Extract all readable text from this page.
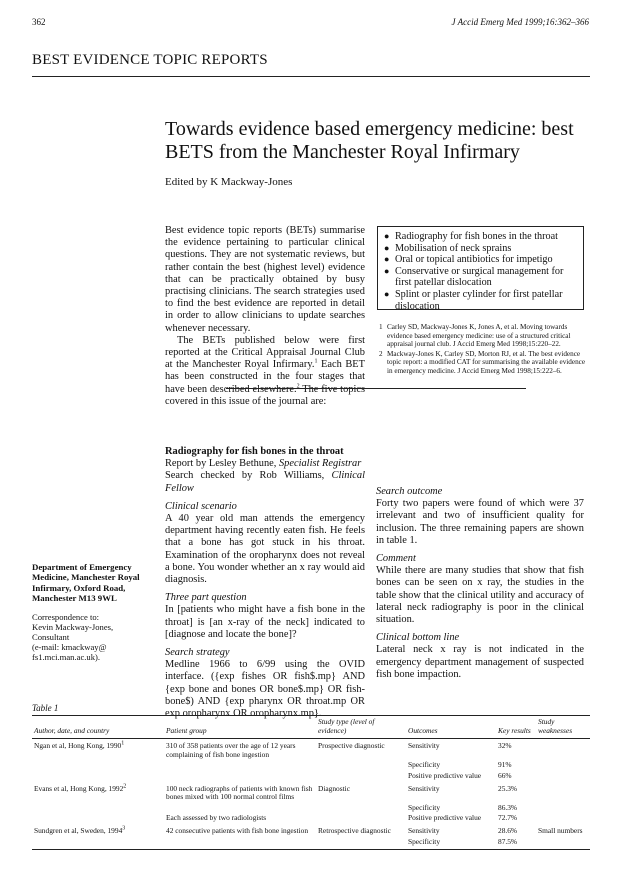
362	J Accid Emerg Med 1999;16:362–366
BEST EVIDENCE TOPIC REPORTS
Towards evidence based emergency medicine: best BETS from the Manchester Royal Infirmary
Edited by K Mackway-Jones

Best evidence topic reports (BETs) summarise the evidence pertaining to particular clinical questions. They are not systematic reviews, but rather contain the best (highest level) evidence that can be practically obtained by busy practising clinicians. The search strategies used to find the best evidence are reported in detail in order to allow clinicians to update searches whenever necessary.

The BETs published below were first reported at the Critical Appraisal Journal Club at the Manchester Royal Infirmary.$^1$ Each BET has been constructed in the four stages that have been described elsewhere.$^2$ The five topics covered in this issue of the journal are:

● Radiography for fish bones in the throat
● Mobilisation of neck sprains
● Oral or topical antibiotics for impetigo
● Conservative or surgical management for first patellar dislocation
● Splint or plaster cylinder for first patellar dislocation
1 Carley SD, Mackway-Jones K, Jones A, et al. Moving towards evidence based emergency medicine: use of a structured critical appraisal journal club. J Accid Emerg Med 1998;15:220–22.
2 Mackway-Jones K, Carley SD, Morton RJ, et al. The best evidence topic report: a modified CAT for summarising the available evidence in emergency medicine. J Accid Emerg Med 1998;15:222–6.
Department of Emergency Medicine, Manchester Royal Infirmary, Oxford Road, Manchester M13 9WL
Correspondence to:
Kevin Mackway-Jones, Consultant
(e-mail: kmackway@ fs1.mci.man.ac.uk).

Radiography for fish bones in the throat

Report by Lesley Bethune, Specialist Registrar

Search checked by Rob Williams, Clinical Fellow

Clinical scenario

A 40 year old man attends the emergency department having recently eaten fish. He feels that a bone has got stuck in his throat. Examination of the oropharynx does not reveal a bone. You wonder whether an x ray would aid diagnosis.

Three part question

In [patients who might have a fish bone in the throat] is [an x-ray of the neck] indicated to [diagnose and locate the bone]?

Search strategy

Medline 1966 to 6/99 using the OVID interface. ({exp fishes OR fish$.mp} AND {exp bone and bones OR bone$.mp} OR fish-bone$) AND {exp pharynx OR throat.mp OR exp oropharynx OR oropharynx.mp}.

Search outcome

Forty two papers were found of which were 37 irrelevant and two of insufficient quality for inclusion. The three remaining papers are shown in table 1.

Comment

While there are many studies that show that fish bones can be seen on x ray, the studies in the table show that the clinical utility and accuracy of lateral neck radiography is poor in the clinical situation.

Clinical bottom line

Lateral neck x ray is not indicated in the emergency department management of suspected fish bone impaction.

Table 1
Author, date, and country	Patient group	Study type (level of evidence)	Outcomes	Key results	Study weaknesses
Ngan et al, Hong Kong, 1990$^1$	310 of 358 patients over the age of 12 years complaining of fish bone ingestion	Prospective diagnostic	Sensitivity	32%	
			Specificity	91%	
			Positive predictive value	66%	
Evans et al, Hong Kong, 1992$^2$	100 neck radiographs of patients with known fish bones mixed with 100 normal control films	Diagnostic	Sensitivity	25.3%	
			Specificity	86.3%	
	Each assessed by two radiologists		Positive predictive value	72.7%	
Sundgren et al, Sweden, 1994$^3$	42 consecutive patients with fish bone ingestion	Retrospective diagnostic	Sensitivity	28.6%	Small numbers
			Specificity	87.5%	
